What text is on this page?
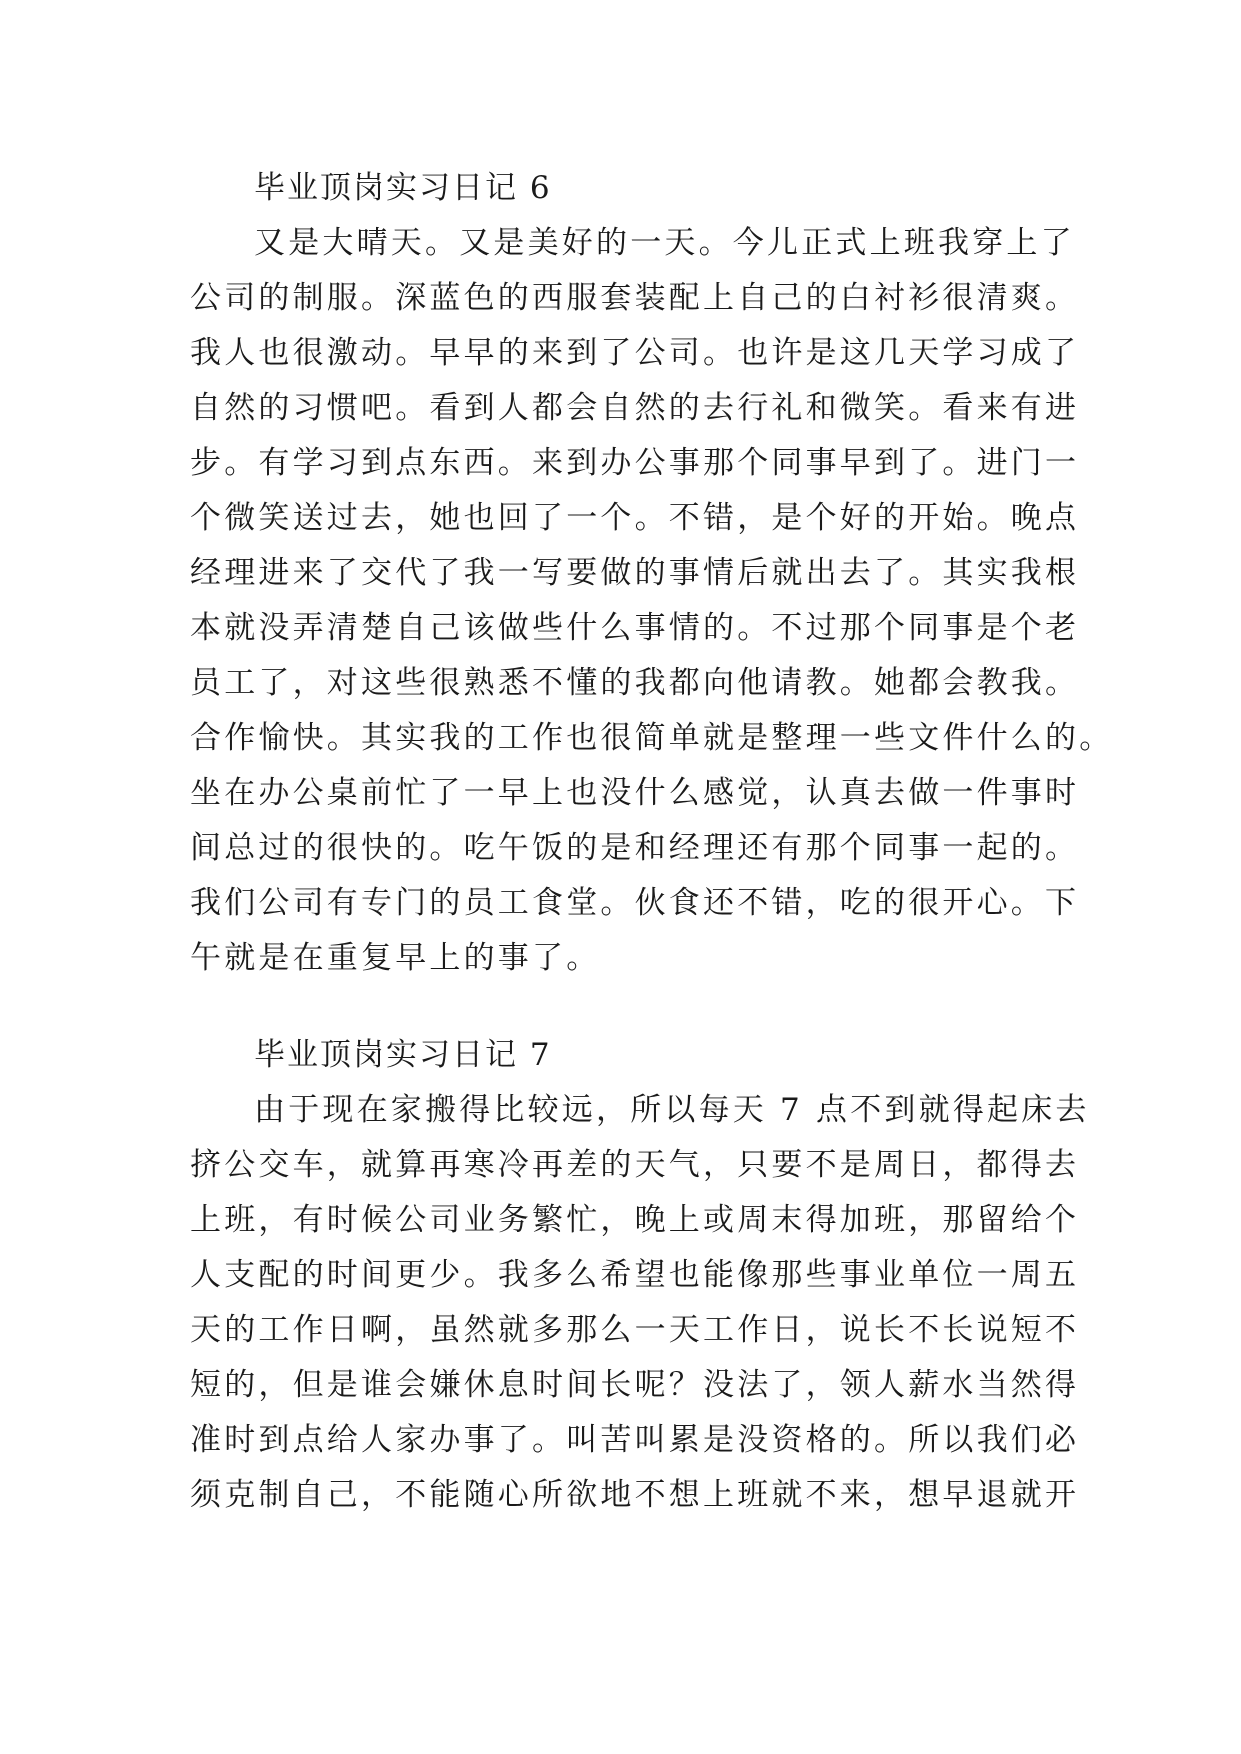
毕业顶岗实习日记 6
又是大晴天。又是美好的一天。今儿正式上班我穿上了
公司的制服。深蓝色的西服套装配上自己的白衬衫很清爽。
我人也很激动。早早的来到了公司。也许是这几天学习成了
自然的习惯吧。看到人都会自然的去行礼和微笑。看来有进
步。有学习到点东西。来到办公事那个同事早到了。进门一
个微笑送过去，她也回了一个。不错，是个好的开始。晚点
经理进来了交代了我一写要做的事情后就出去了。其实我根
本就没弄清楚自己该做些什么事情的。不过那个同事是个老
员工了，对这些很熟悉不懂的我都向他请教。她都会教我。
合作愉快。其实我的工作也很简单就是整理一些文件什么的。
坐在办公桌前忙了一早上也没什么感觉，认真去做一件事时
间总过的很快的。吃午饭的是和经理还有那个同事一起的。
我们公司有专门的员工食堂。伙食还不错，吃的很开心。下
午就是在重复早上的事了。
毕业顶岗实习日记 7
由于现在家搬得比较远，所以每天 7 点不到就得起床去
挤公交车，就算再寒冷再差的天气，只要不是周日，都得去
上班，有时候公司业务繁忙，晚上或周末得加班，那留给个
人支配的时间更少。我多么希望也能像那些事业单位一周五
天的工作日啊，虽然就多那么一天工作日，说长不长说短不
短的，但是谁会嫌休息时间长呢？没法了，领人薪水当然得
准时到点给人家办事了。叫苦叫累是没资格的。所以我们必
须克制自己，不能随心所欲地不想上班就不来，想早退就开
